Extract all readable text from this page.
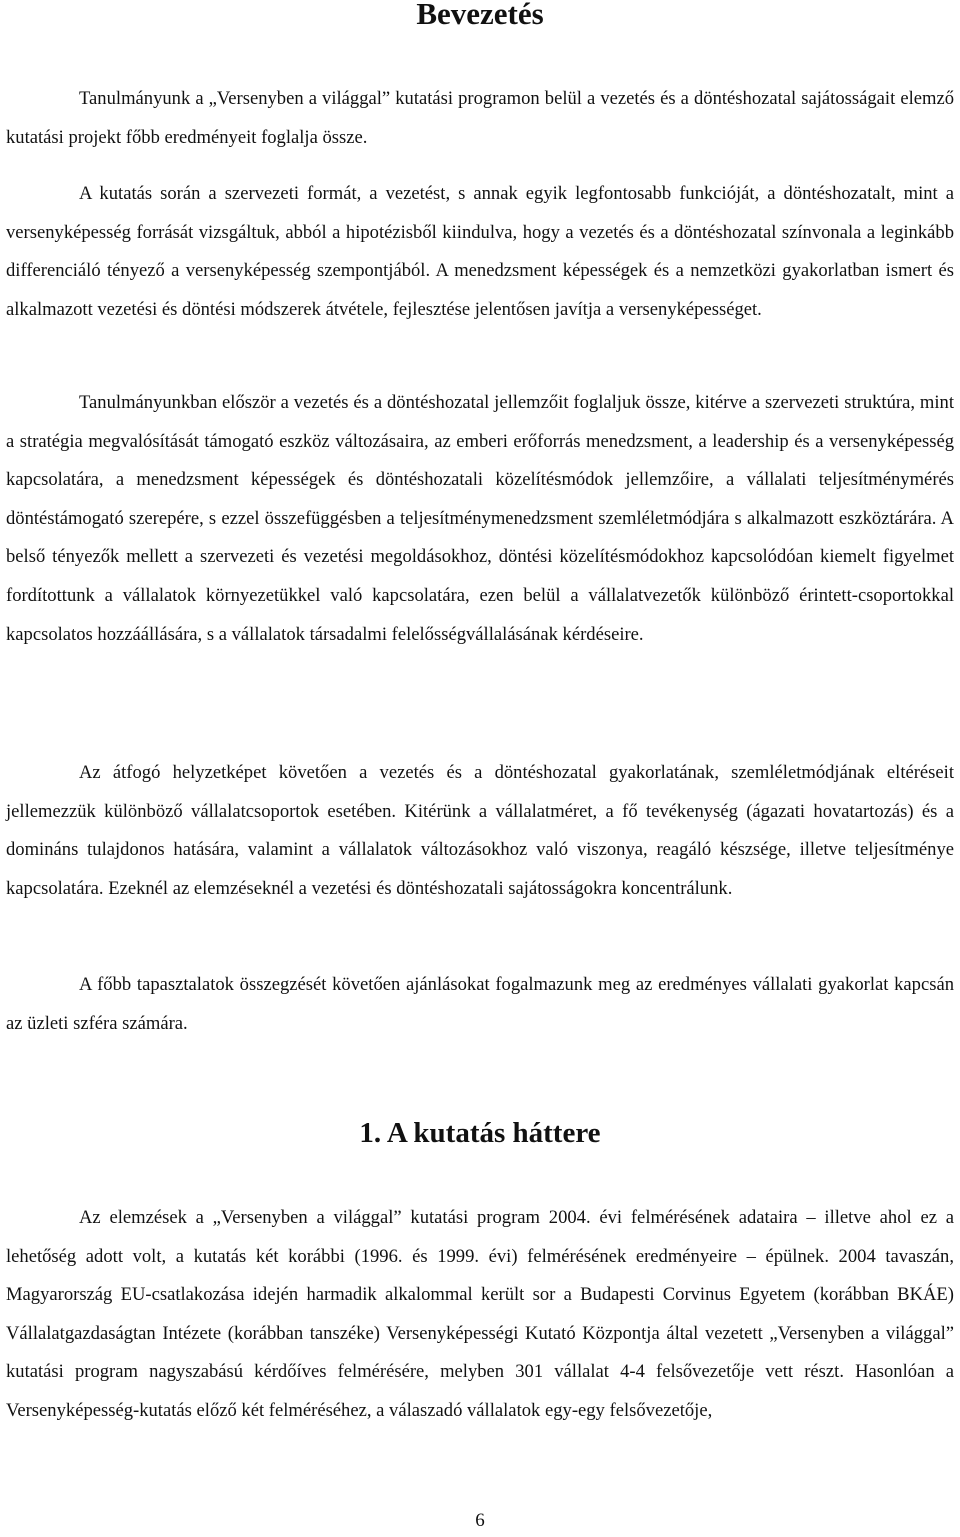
Bevezetés

Tanulmányunk a „Versenyben a világgal” kutatási programon belül a vezetés és a döntéshozatal sajátosságait elemző kutatási projekt főbb eredményeit foglalja össze.

A kutatás során a szervezeti formát, a vezetést, s annak egyik legfontosabb funkcióját, a döntéshozatalt, mint a versenyképesség forrását vizsgáltuk, abból a hipotézisből kiindulva, hogy a vezetés és a döntéshozatal színvonala a leginkább differenciáló tényező a versenyképesség szempontjából. A menedzsment képességek és a nemzetközi gyakorlatban ismert és alkalmazott vezetési és döntési módszerek átvétele, fejlesztése jelentősen javítja a versenyképességet.

Tanulmányunkban először a vezetés és a döntéshozatal jellemzőit foglaljuk össze, kitérve a szervezeti struktúra, mint a stratégia megvalósítását támogató eszköz változásaira, az emberi erőforrás menedzsment, a leadership és a versenyképesség kapcsolatára, a menedzsment képességek és döntéshozatali közelítésmódok jellemzőire, a vállalati teljesítménymérés döntéstámogató szerepére, s ezzel összefüggésben a teljesítménymenedzsment szemléletmódjára s alkalmazott eszköztárára. A belső tényezők mellett a szervezeti és vezetési megoldásokhoz, döntési közelítésmódokhoz kapcsolódóan kiemelt figyelmet fordítottunk a vállalatok környezetükkel való kapcsolatára, ezen belül a vállalatvezetők különböző érintett-csoportokkal kapcsolatos hozzáállására, s a vállalatok társadalmi felelősségvállalásának kérdéseire.

Az átfogó helyzetképet követően a vezetés és a döntéshozatal gyakorlatának, szemléletmódjának eltéréseit jellemezzük különböző vállalatcsoportok esetében. Kitérünk a vállalatméret, a fő tevékenység (ágazati hovatartozás) és a domináns tulajdonos hatására, valamint a vállalatok változásokhoz való viszonya, reagáló készsége, illetve teljesítménye kapcsolatára. Ezeknél az elemzéseknél a vezetési és döntéshozatali sajátosságokra koncentrálunk.

A főbb tapasztalatok összegzését követően ajánlásokat fogalmazunk meg az eredményes vállalati gyakorlat kapcsán az üzleti szféra számára.

1. A kutatás háttere

Az elemzések a „Versenyben a világgal” kutatási program 2004. évi felmérésének adataira – illetve ahol ez a lehetőség adott volt, a kutatás két korábbi (1996. és 1999. évi) felmérésének eredményeire – épülnek. 2004 tavaszán, Magyarország EU-csatlakozása idején harmadik alkalommal került sor a Budapesti Corvinus Egyetem (korábban BKÁE) Vállalatgazdaságtan Intézete (korábban tanszéke) Versenyképességi Kutató Központja által vezetett „Versenyben a világgal” kutatási program nagyszabású kérdőíves felmérésére, melyben 301 vállalat 4-4 felsővezetője vett részt. Hasonlóan a Versenyképesség-kutatás előző két felméréséhez, a válaszadó vállalatok egy-egy felsővezetője,

6
